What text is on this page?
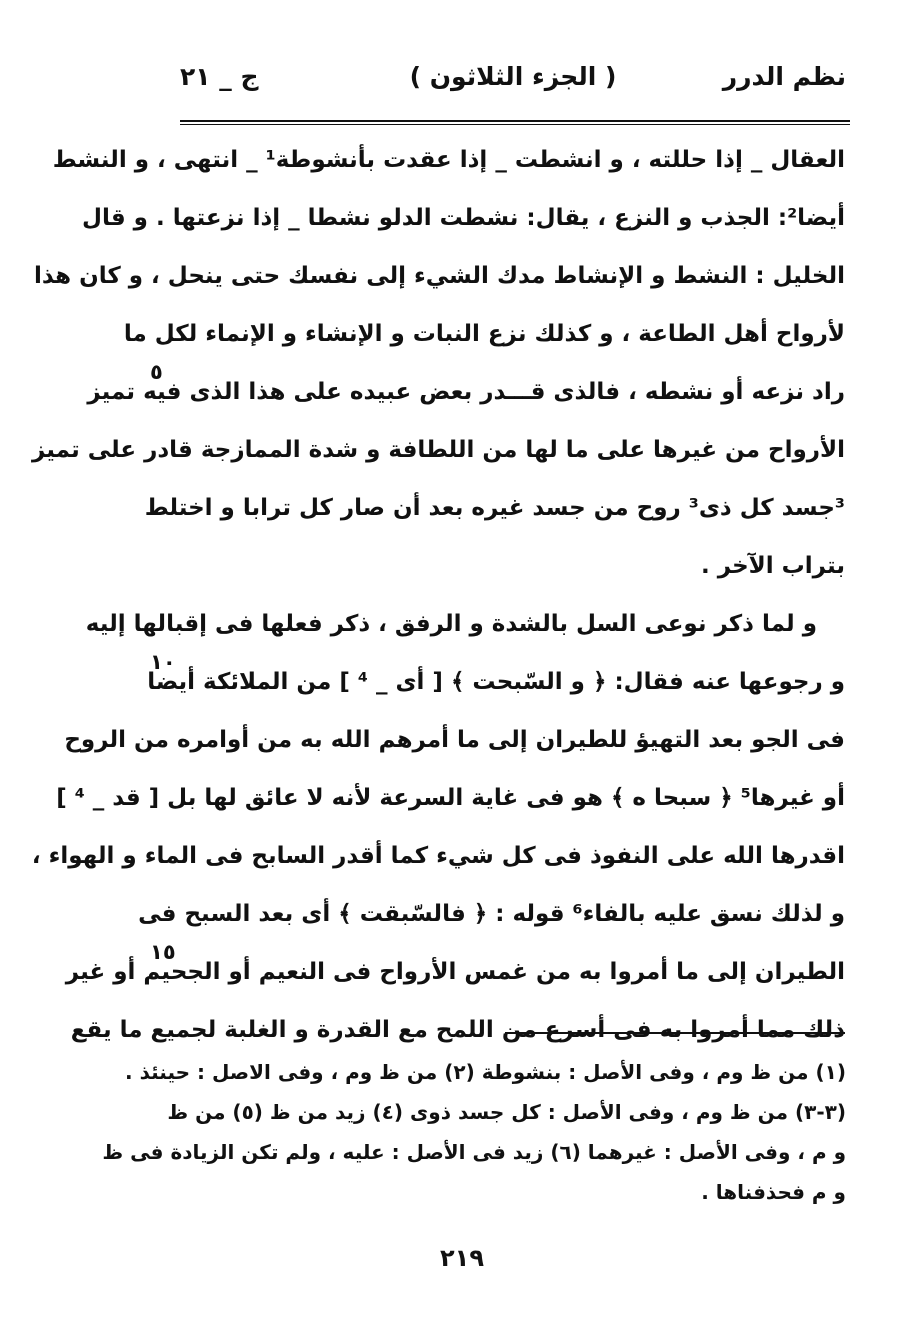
نظم الدرر
( الجزء الثلاثون )
ج _ ٢١
العقال _ إذا حللته ، و انشطت _ إذا عقدت بأنشوطة¹ _ انتهى ، و النشط
أيضا²: الجذب و النزع ، يقال: نشطت الدلو نشطا _ إذا نزعتها . و قال
الخليل : النشط و الإنشاط مدك الشيء إلى نفسك حتى ينحل ، و كان هذا
لأرواح أهل الطاعة ، و كذلك نزع النبات و الإنشاء و الإنماء لكل ما
راد نزعه أو نشطه ، فالذى قـــدر بعض عبيده على هذا الذى فيه تميز
الأرواح من غيرها على ما لها من اللطافة و شدة الممازجة قادر على تميز
³جسد كل ذى³ روح من جسد غيره بعد أن صار كل ترابا و اختلط
بتراب الآخر .
و لما ذكر نوعى السل بالشدة و الرفق ، ذكر فعلها فى إقبالها إليه
و رجوعها عنه فقال: ﴿ و السّبحت ﴾ [ أى _ ⁴ ] من الملائكة أيضا
فى الجو بعد التهيؤ للطيران إلى ما أمرهم الله به من أوامره من الروح
أو غيرها⁵ ﴿ سبحا ه ﴾ هو فى غاية السرعة لأنه لا عائق لها بل [ قد _ ⁴ ]
اقدرها الله على النفوذ فى كل شيء كما أقدر السابح فى الماء و الهواء ،
و لذلك نسق عليه بالفاء⁶ قوله : ﴿ فالسّبقت ﴾ أى بعد السبح فى
الطيران إلى ما أمروا به من غمس الأرواح فى النعيم أو الجحيم أو غير
ذلك مما أمروا به فى أسرع من اللمح مع القدرة و الغلبة لجميع ما يقع
٥
١٠
١٥
(١) من ظ وم ، وفى الأصل : بنشوطة (٢) من ظ وم ، وفى الاصل : حينئذ .
(٣-٣) من ظ وم ، وفى الأصل : كل جسد ذوى (٤) زيد من ظ (٥) من ظ
و م ، وفى الأصل : غيرهما (٦) زيد فى الأصل : عليه ، ولم تكن الزيادة فى ظ
و م فحذفناها .
٢١٩
